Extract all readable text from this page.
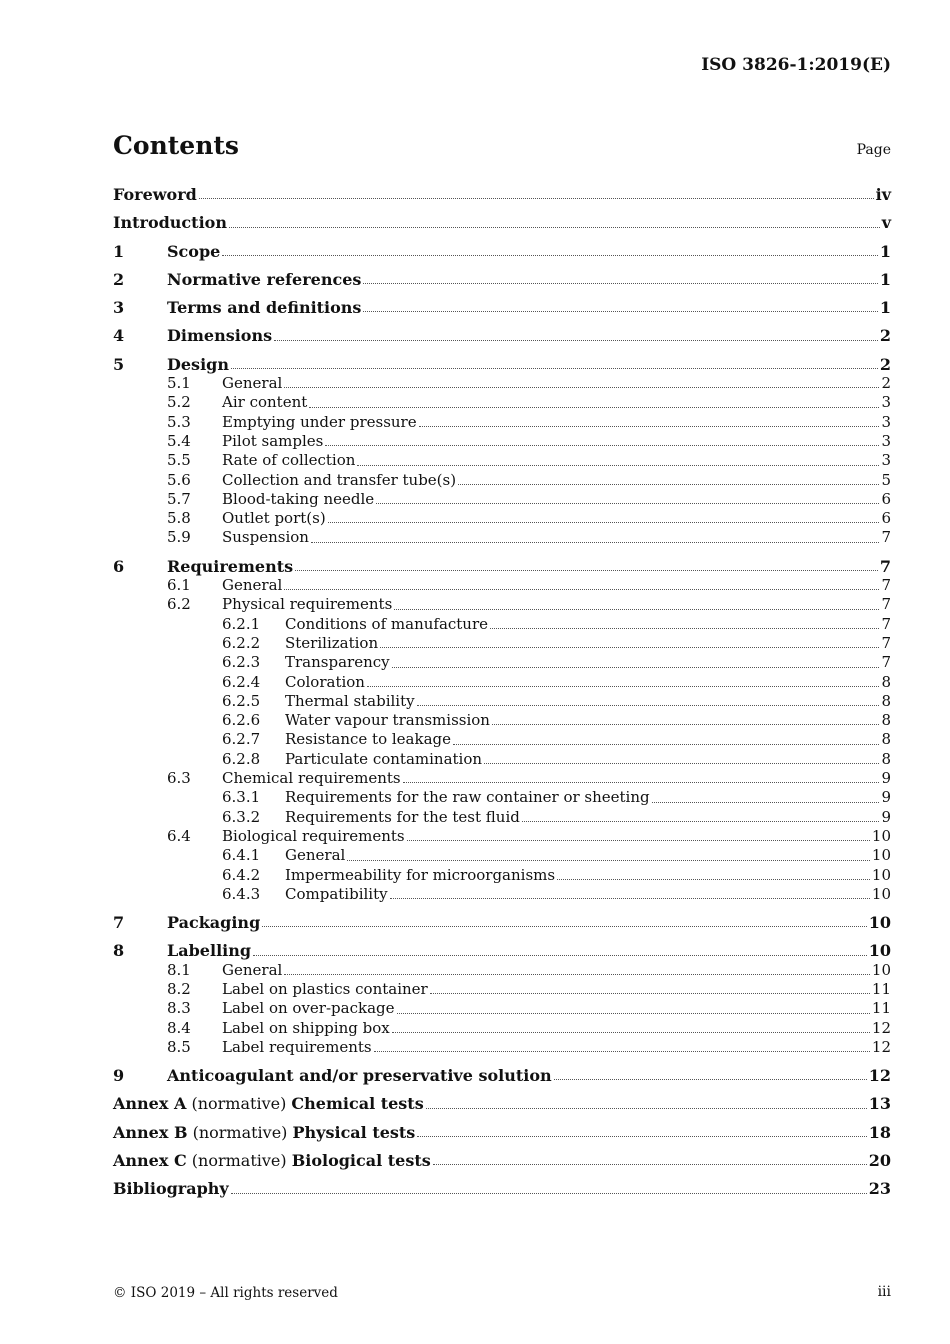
ISO 3826-1:2019(E)
Contents	Page
Foreword	iv
Introduction	v
1	Scope	1
2	Normative references	1
3	Terms and definitions	1
4	Dimensions	2
5	Design	2
5.1	General	2
5.2	Air content	3
5.3	Emptying under pressure	3
5.4	Pilot samples	3
5.5	Rate of collection	3
5.6	Collection and transfer tube(s)	5
5.7	Blood-taking needle	6
5.8	Outlet port(s)	6
5.9	Suspension	7
6	Requirements	7
6.1	General	7
6.2	Physical requirements	7
6.2.1	Conditions of manufacture	7
6.2.2	Sterilization	7
6.2.3	Transparency	7
6.2.4	Coloration	8
6.2.5	Thermal stability	8
6.2.6	Water vapour transmission	8
6.2.7	Resistance to leakage	8
6.2.8	Particulate contamination	8
6.3	Chemical requirements	9
6.3.1	Requirements for the raw container or sheeting	9
6.3.2	Requirements for the test fluid	9
6.4	Biological requirements	10
6.4.1	General	10
6.4.2	Impermeability for microorganisms	10
6.4.3	Compatibility	10
7	Packaging	10
8	Labelling	10
8.1	General	10
8.2	Label on plastics container	11
8.3	Label on over-package	11
8.4	Label on shipping box	12
8.5	Label requirements	12
9	Anticoagulant and/or preservative solution	12
Annex A (normative) Chemical tests	13
Annex B (normative) Physical tests	18
Annex C (normative) Biological tests	20
Bibliography	23
© ISO 2019 – All rights reserved	iii
